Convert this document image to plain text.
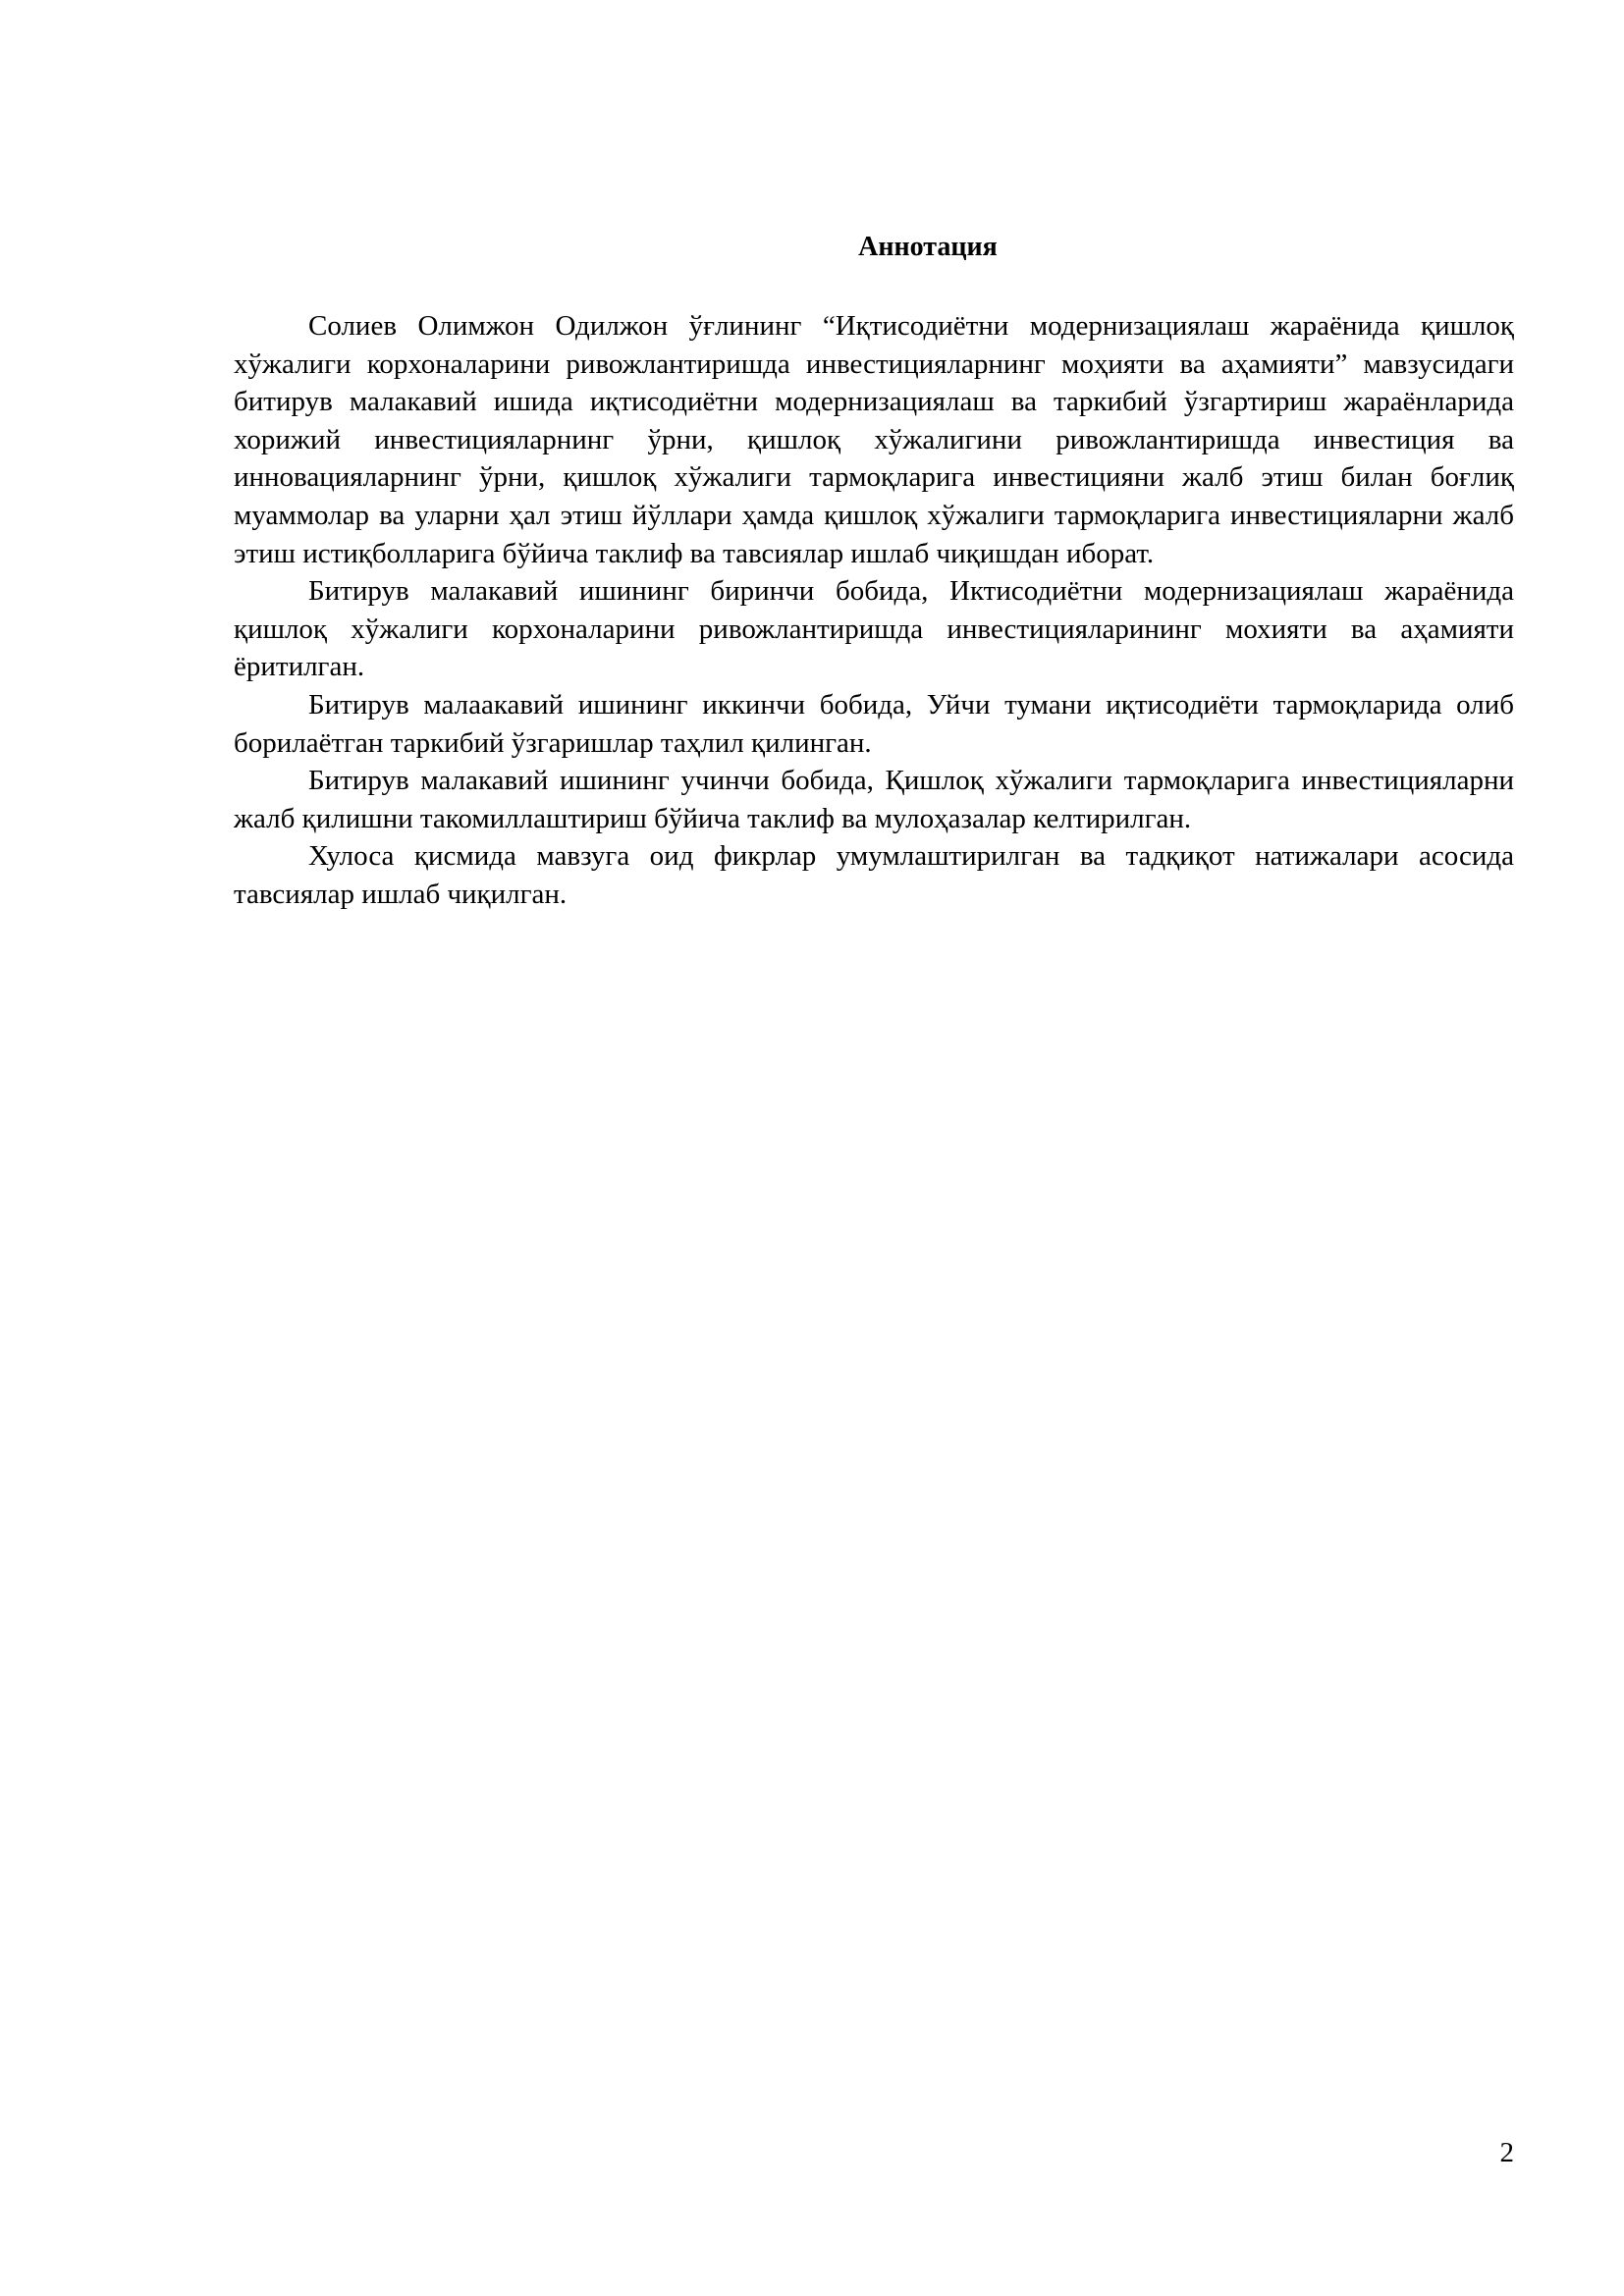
Аннотация

Солиев Олимжон Одилжон ўғлининг “Иқтисодиётни модернизациялаш жараёнида қишлоқ хўжалиги корхоналарини ривожлантиришда инвестицияларнинг моҳияти ва аҳамияти” мавзусидаги битирув малакавий ишида иқтисодиётни модернизациялаш ва таркибий ўзгартириш жараёнларида хорижий инвестицияларнинг ўрни, қишлоқ хўжалигини ривожлантиришда инвестиция ва инновацияларнинг ўрни, қишлоқ хўжалиги тармоқларига инвестицияни жалб этиш билан боғлиқ муаммолар ва уларни ҳал этиш йўллари ҳамда қишлоқ хўжалиги тармоқларига инвестицияларни жалб этиш истиқболларига бўйича таклиф ва тавсиялар ишлаб чиқишдан иборат.

Битирув малакавий ишининг биринчи бобида, Иктисодиётни модернизациялаш жараёнида қишлоқ хўжалиги корхоналарини ривожлантиришда инвестицияларининг мохияти ва аҳамияти ёритилган.

Битирув малаакавий ишининг иккинчи бобида, Уйчи тумани иқтисодиёти тармоқларида олиб борилаётган таркибий ўзгаришлар таҳлил қилинган.

Битирув малакавий ишининг учинчи бобида, Қишлоқ хўжалиги тармоқларига инвестицияларни жалб қилишни такомиллаштириш бўйича таклиф ва мулоҳазалар келтирилган.

Хулоса қисмида мавзуга оид фикрлар умумлаштирилган ва тадқиқот натижалари асосида тавсиялар ишлаб чиқилган.

2
